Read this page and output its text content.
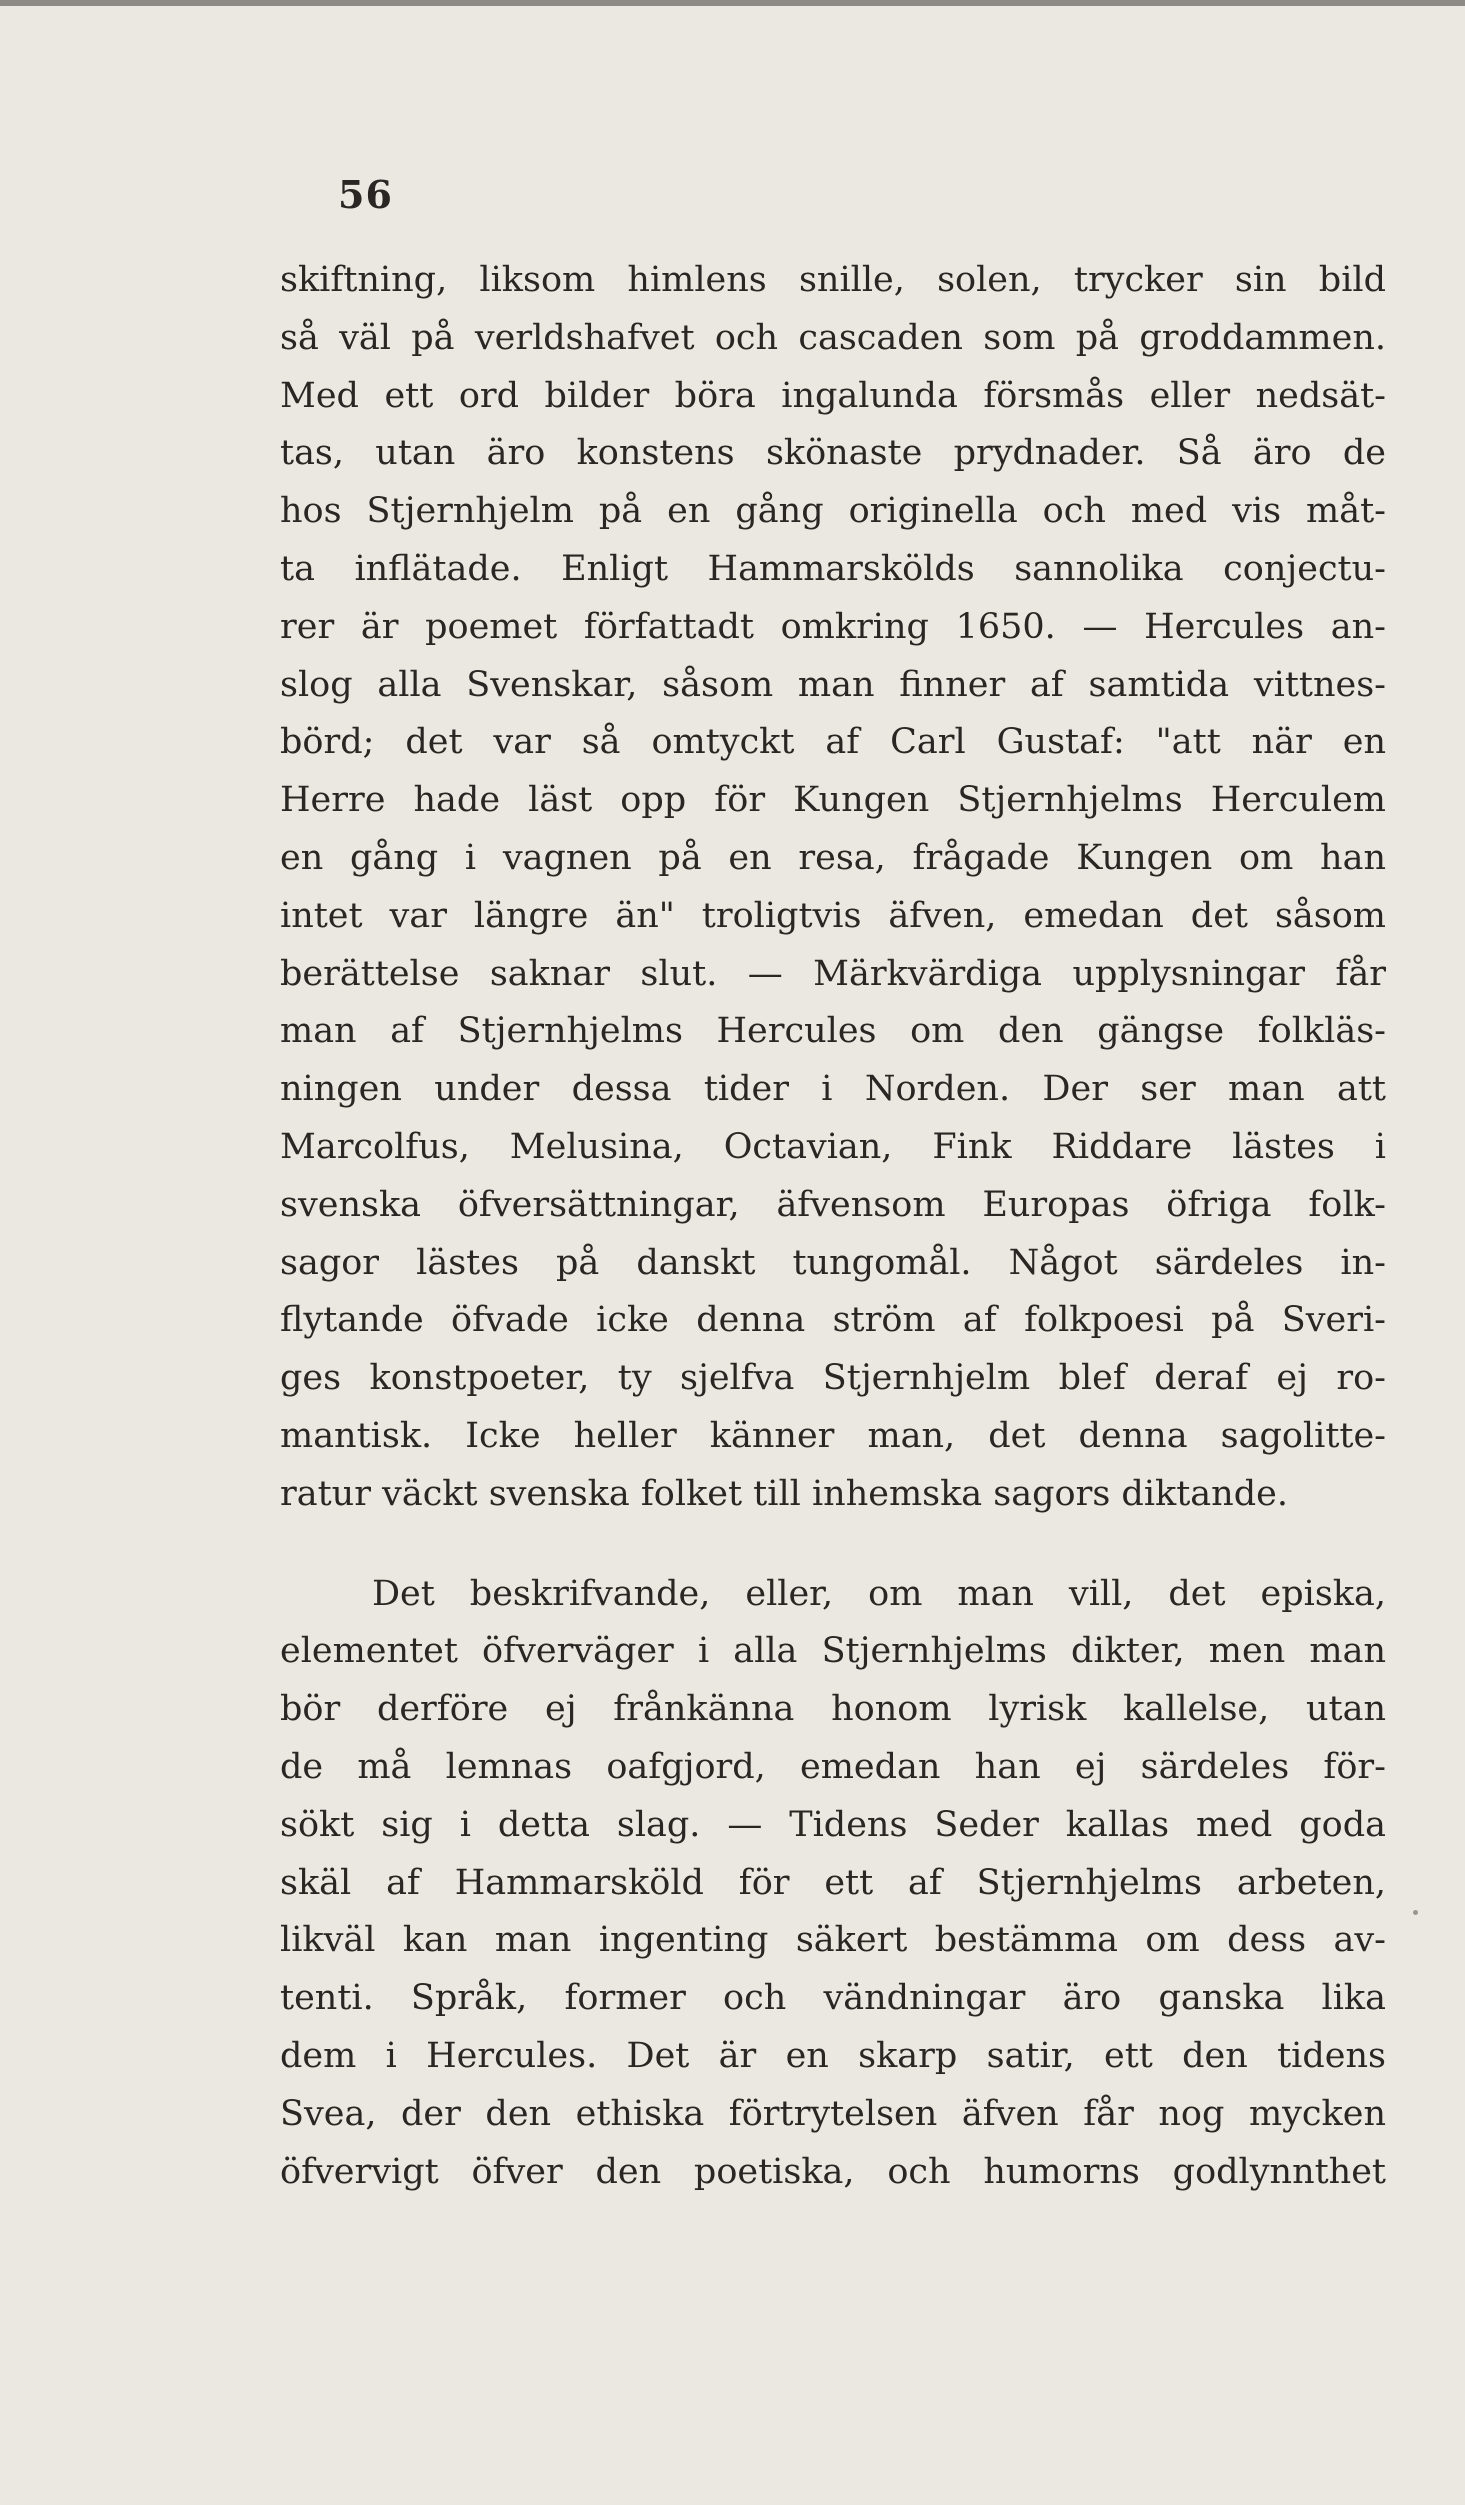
56
skiftning, liksom himlens snille, solen, trycker sin bild
så väl på verldshafvet och cascaden som på groddammen.
Med ett ord bilder böra ingalunda försmås eller nedsät-
tas, utan äro konstens skönaste prydnader. Så äro de
hos Stjernhjelm på en gång originella och med vis måt-
ta inflätade. Enligt Hammarskölds sannolika conjectu-
rer är poemet författadt omkring 1650. — Hercules an-
slog alla Svenskar, såsom man finner af samtida vittnes-
börd; det var så omtyckt af Carl Gustaf: "att när en
Herre hade läst opp för Kungen Stjernhjelms Herculem
en gång i vagnen på en resa, frågade Kungen om han
intet var längre än" troligtvis äfven, emedan det såsom
berättelse saknar slut. — Märkvärdiga upplysningar får
man af Stjernhjelms Hercules om den gängse folkläs-
ningen under dessa tider i Norden. Der ser man att
Marcolfus, Melusina, Octavian, Fink Riddare lästes i
svenska öfversättningar, äfvensom Europas öfriga folk-
sagor lästes på danskt tungomål. Något särdeles in-
flytande öfvade icke denna ström af folkpoesi på Sveri-
ges konstpoeter, ty sjelfva Stjernhjelm blef deraf ej ro-
mantisk. Icke heller känner man, det denna sagolitte-
ratur väckt svenska folket till inhemska sagors diktande.
Det beskrifvande, eller, om man vill, det episka,
elementet öfverväger i alla Stjernhjelms dikter, men man
bör derföre ej frånkänna honom lyrisk kallelse, utan
de må lemnas oafgjord, emedan han ej särdeles för-
sökt sig i detta slag. — Tidens Seder kallas med goda
skäl af Hammarsköld för ett af Stjernhjelms arbeten,
likväl kan man ingenting säkert bestämma om dess av-
tenti. Språk, former och vändningar äro ganska lika
dem i Hercules. Det är en skarp satir, ett den tidens
Svea, der den ethiska förtrytelsen äfven får nog mycken
öfvervigt öfver den poetiska, och humorns godlynnthet
